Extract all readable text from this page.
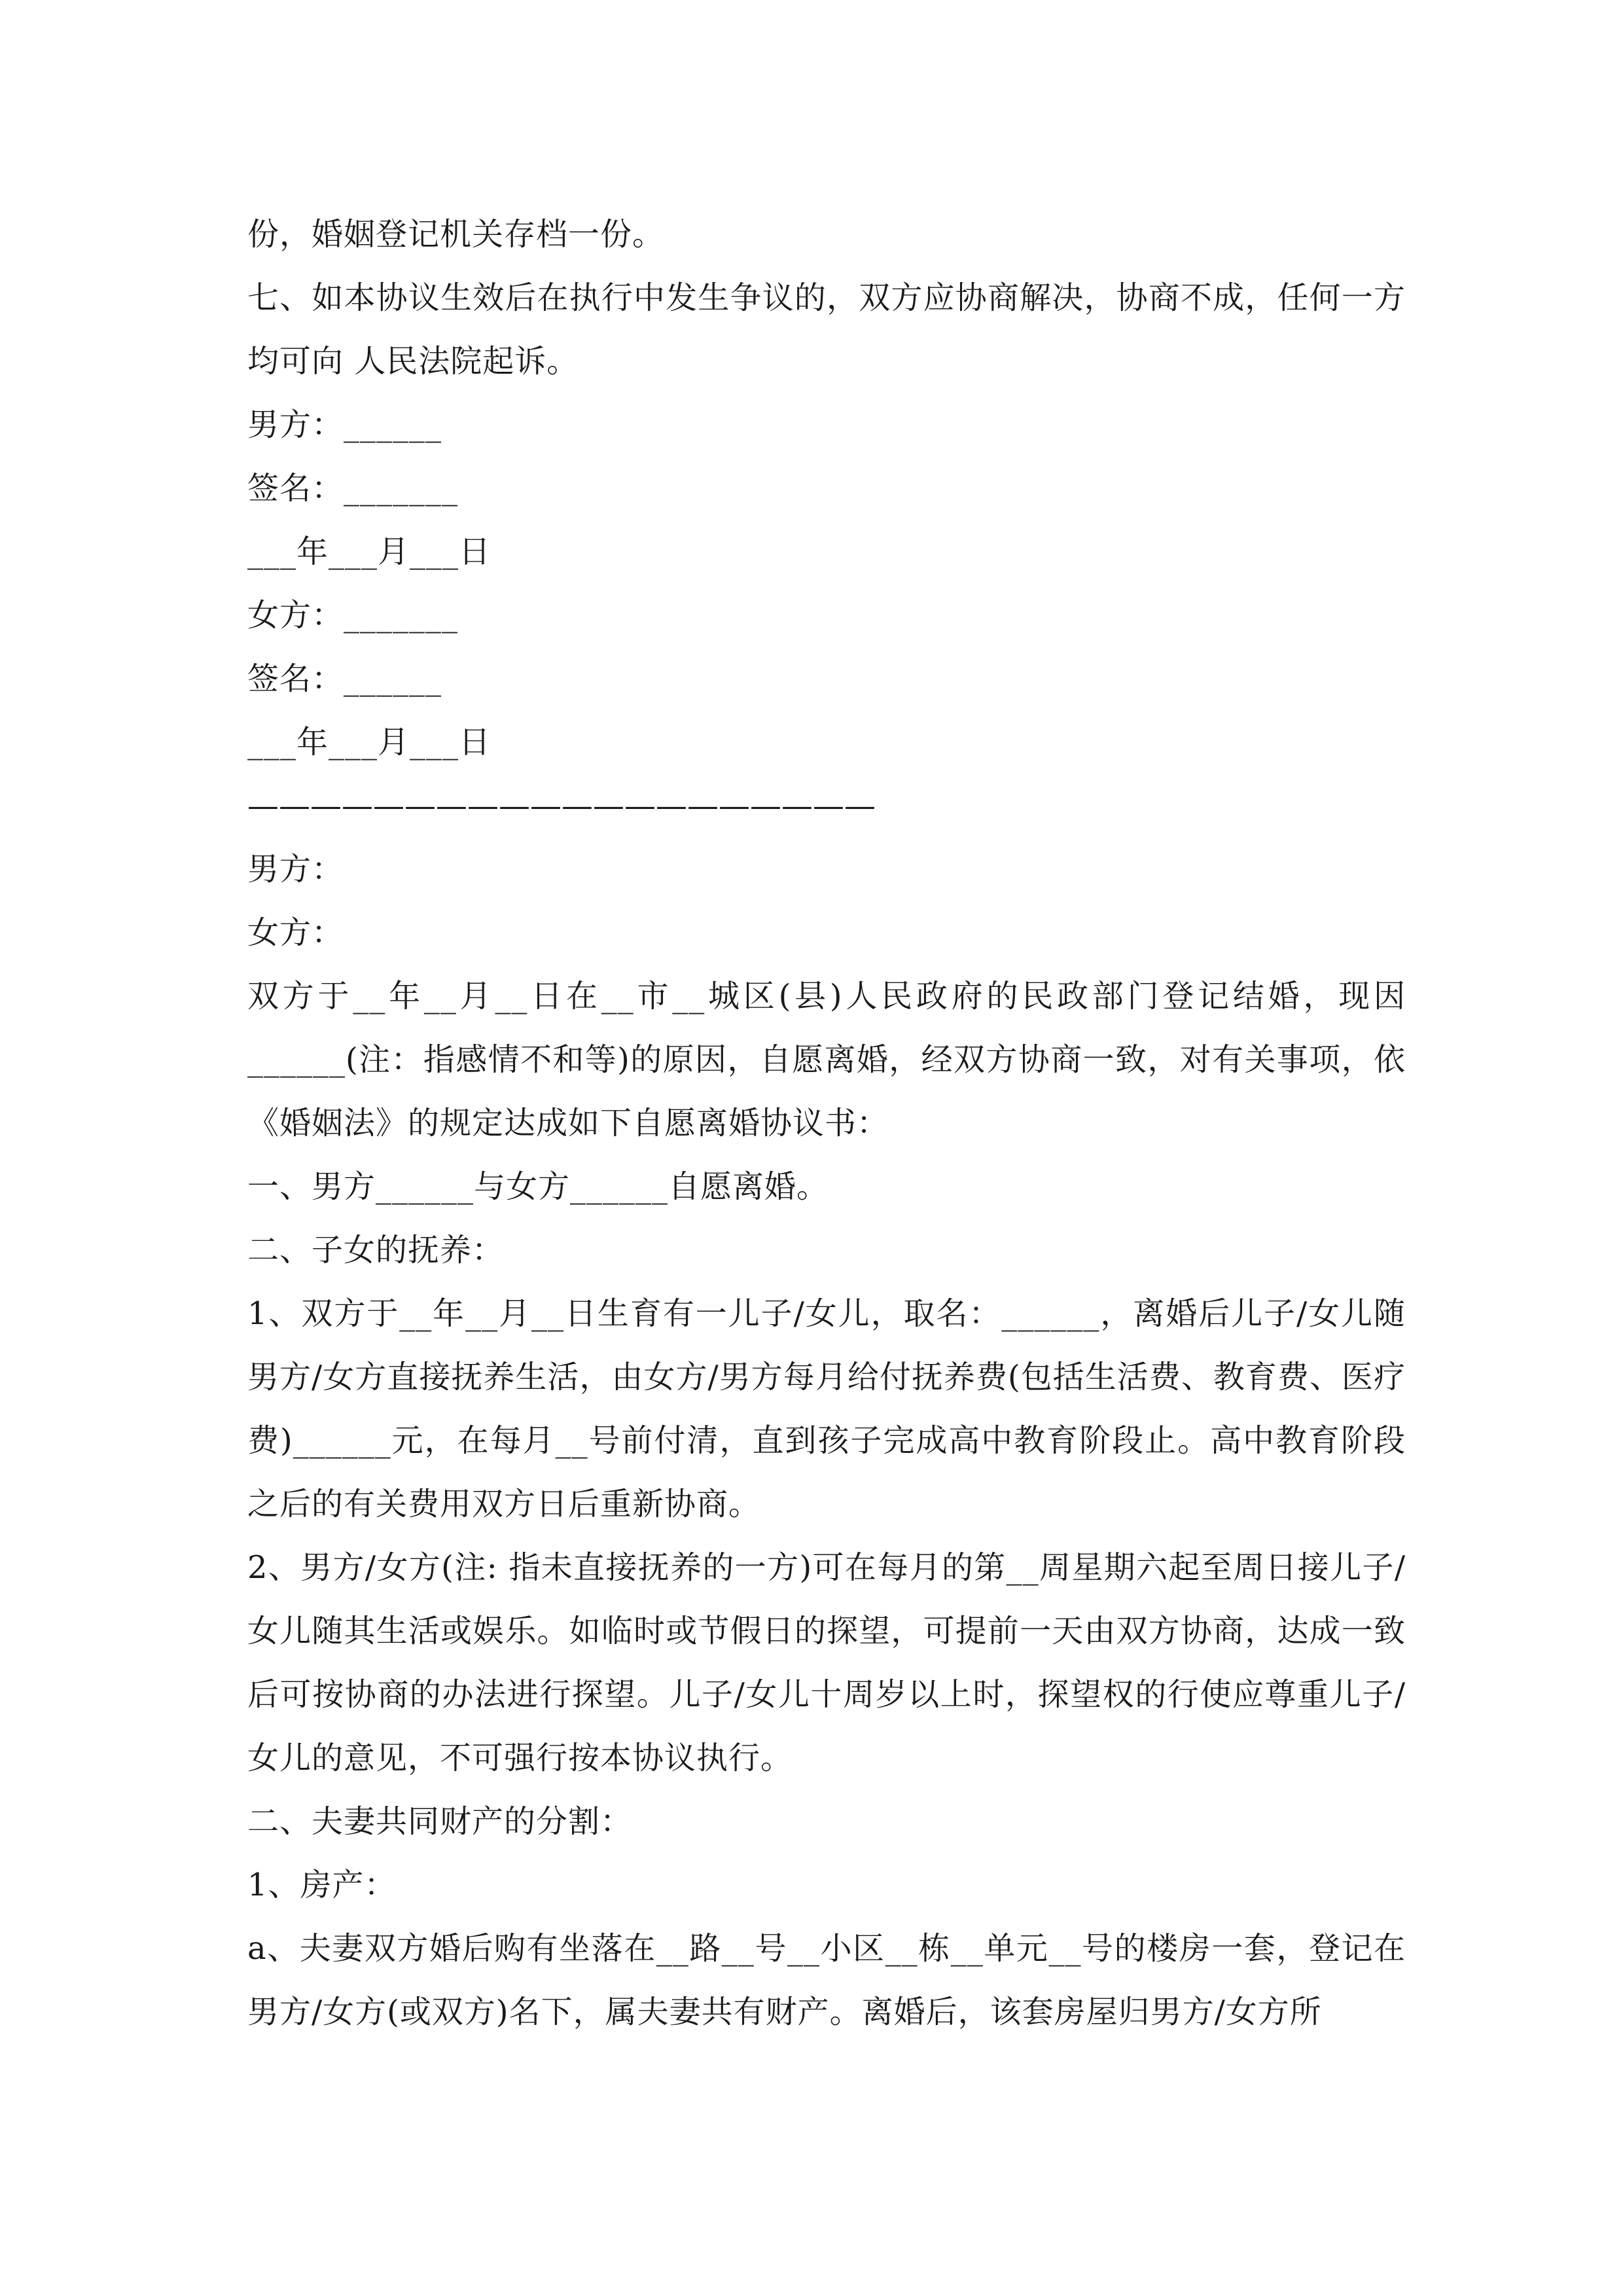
份，婚姻登记机关存档一份。
七、如本协议生效后在执行中发生争议的，双方应协商解决，协商不成，任何一方均可向 人民法院起诉。
男方：______
签名：_______
___年___月___日
女方：_______
签名：______
___年___月___日
————————————————————
男方：
女方：
双方于__年__月__日在__市__城区(县)人民政府的民政部门登记结婚，现因______(注：指感情不和等)的原因，自愿离婚，经双方协商一致，对有关事项，依《婚姻法》的规定达成如下自愿离婚协议书：
一、男方______与女方______自愿离婚。
二、子女的抚养：
1、双方于__年__月__日生育有一儿子/女儿，取名：______，离婚后儿子/女儿随男方/女方直接抚养生活，由女方/男方每月给付抚养费(包括生活费、教育费、医疗费)______元，在每月__号前付清，直到孩子完成高中教育阶段止。高中教育阶段之后的有关费用双方日后重新协商。
2、男方/女方(注: 指未直接抚养的一方)可在每月的第__周星期六起至周日接儿子/女儿随其生活或娱乐。如临时或节假日的探望，可提前一天由双方协商，达成一致后可按协商的办法进行探望。儿子/女儿十周岁以上时，探望权的行使应尊重儿子/女儿的意见，不可强行按本协议执行。
二、夫妻共同财产的分割：
1、房产：
a、夫妻双方婚后购有坐落在__路__号__小区__栋__单元__号的楼房一套，登记在男方/女方(或双方)名下，属夫妻共有财产。离婚后，该套房屋归男方/女方所
